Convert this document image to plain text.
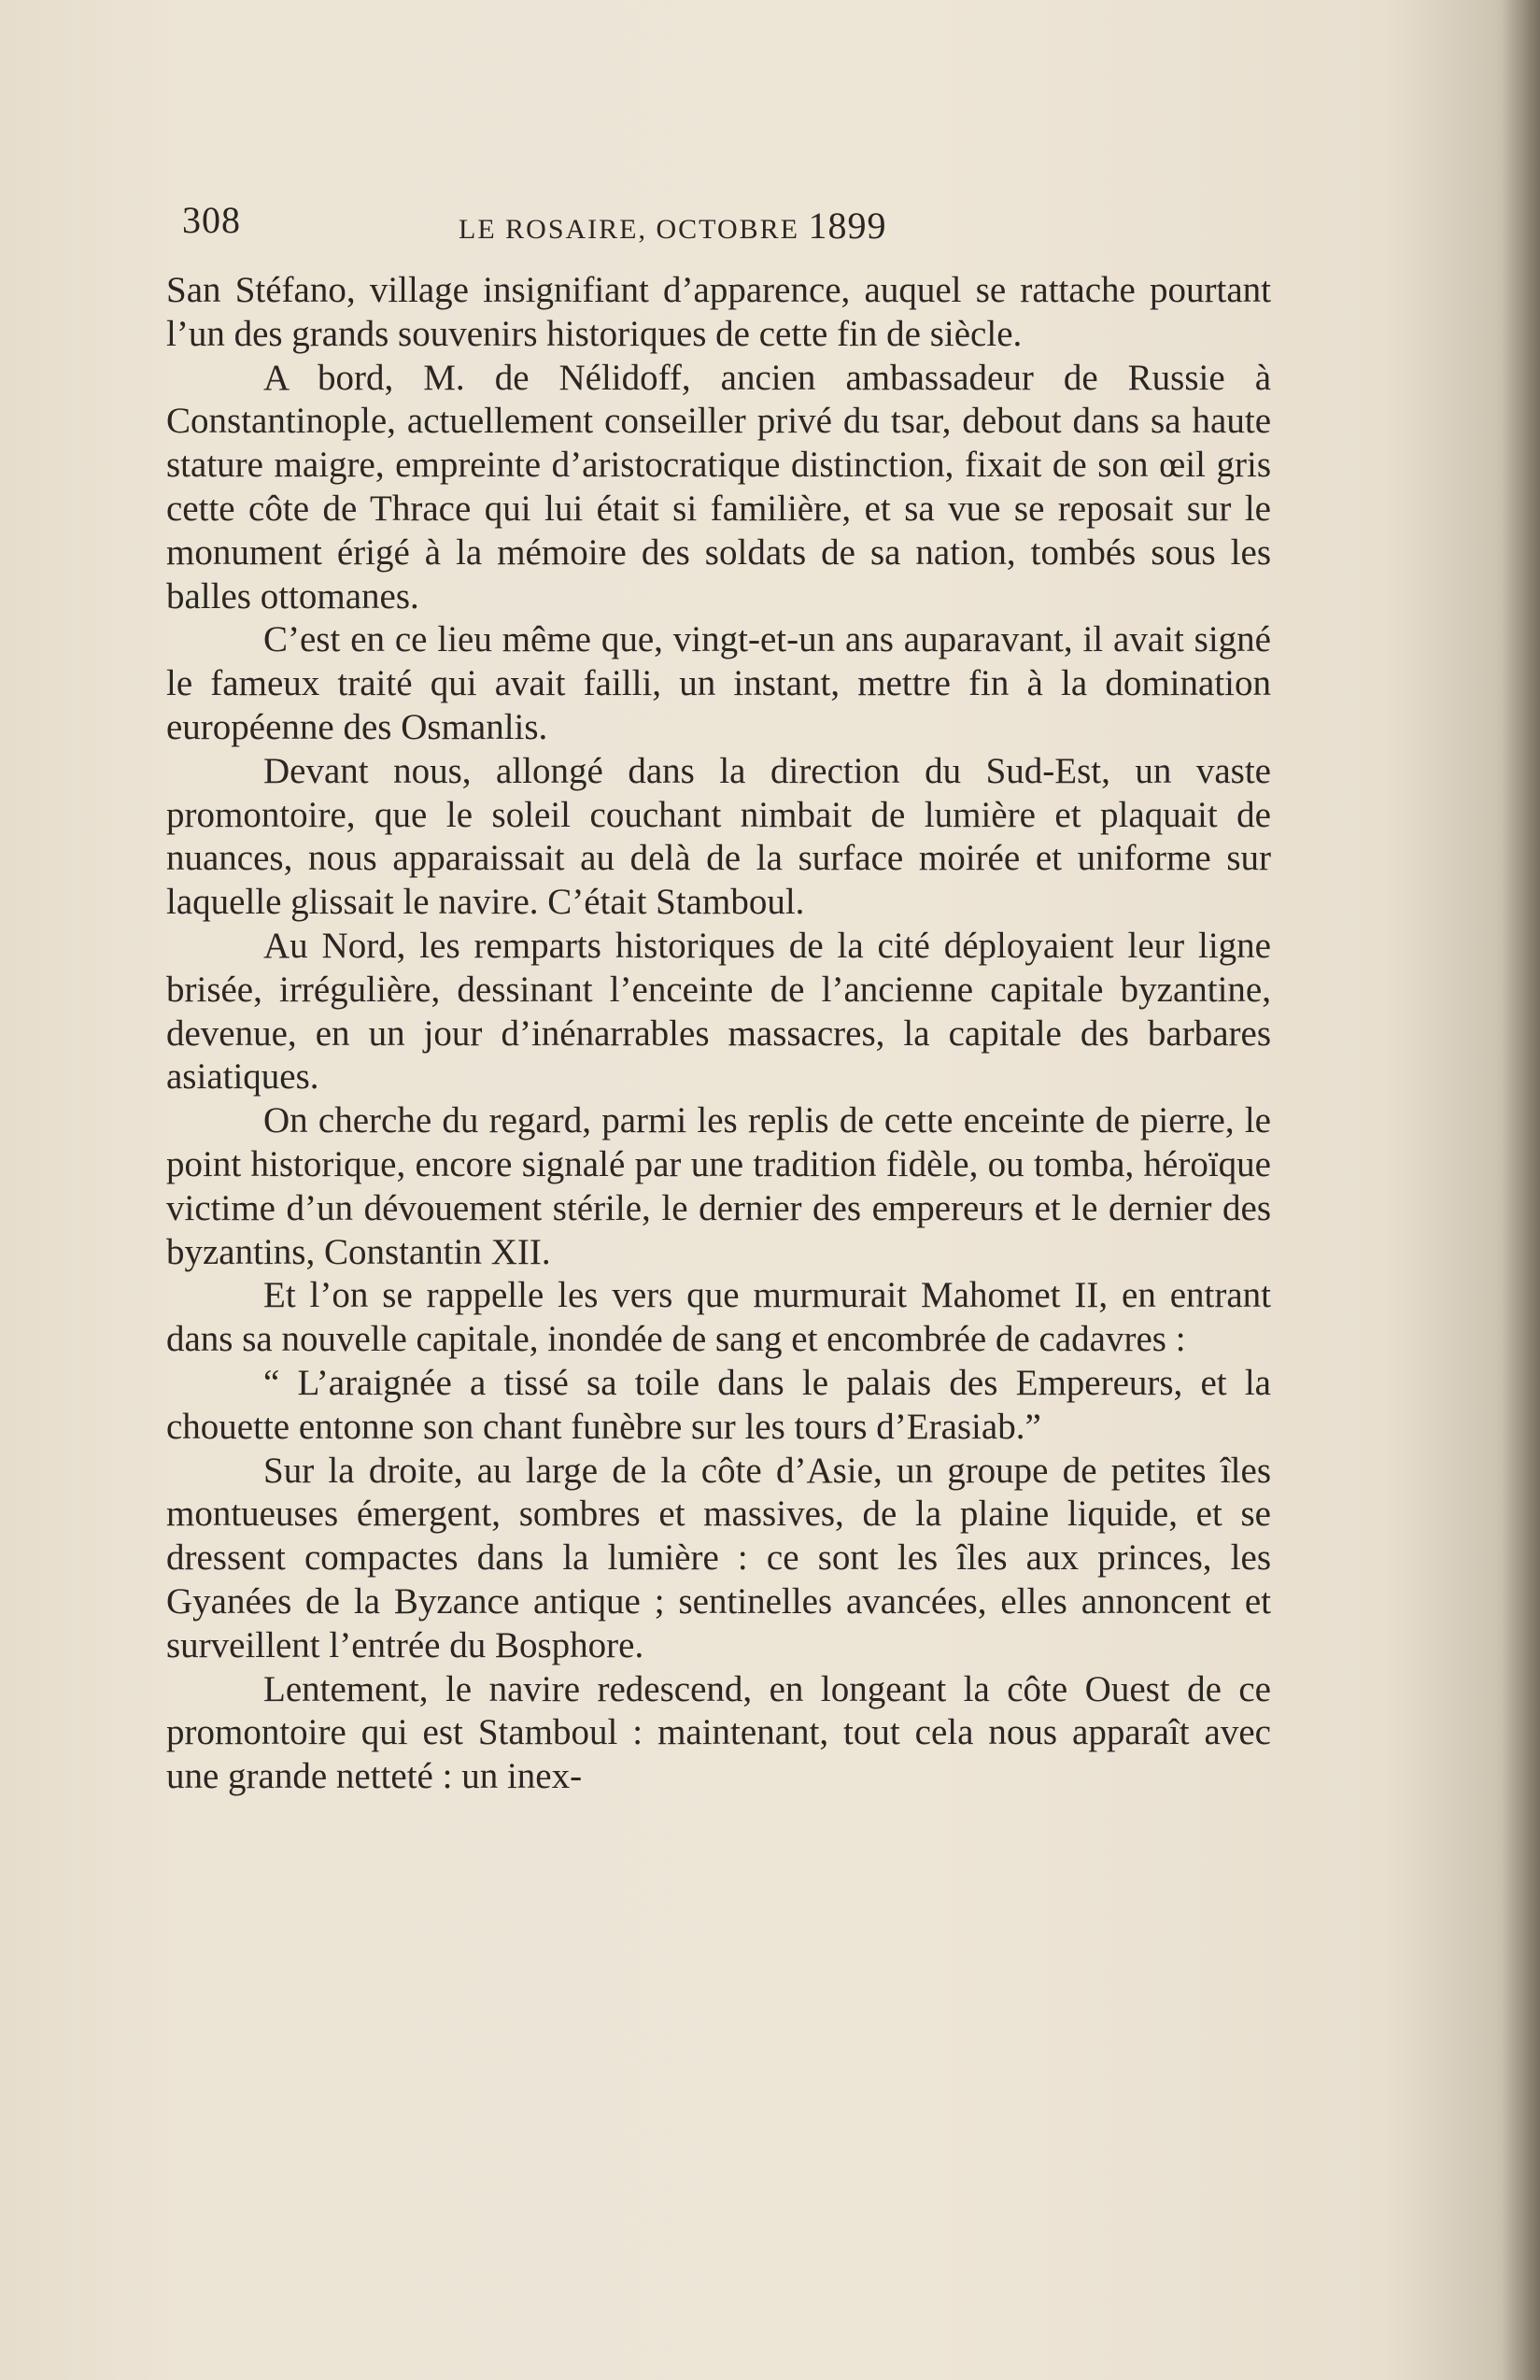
308	LE ROSAIRE, OCTOBRE 1899

San Stéfano, village insignifiant d’apparence, auquel se rattache pourtant l’un des grands souvenirs historiques de cette fin de siècle.

A bord, M. de Nélidoff, ancien ambassadeur de Russie à Constantinople, actuellement conseiller privé du tsar, debout dans sa haute stature maigre, empreinte d’aristocratique distinction, fixait de son œil gris cette côte de Thrace qui lui était si familière, et sa vue se reposait sur le monument érigé à la mémoire des soldats de sa nation, tombés sous les balles ottomanes.

C’est en ce lieu même que, vingt-et-un ans auparavant, il avait signé le fameux traité qui avait failli, un instant, mettre fin à la domination européenne des Osmanlis.

Devant nous, allongé dans la direction du Sud-Est, un vaste promontoire, que le soleil couchant nimbait de lumière et plaquait de nuances, nous apparaissait au delà de la surface moirée et uniforme sur laquelle glissait le navire. C’était Stamboul.

Au Nord, les remparts historiques de la cité déployaient leur ligne brisée, irrégulière, dessinant l’enceinte de l’ancienne capitale byzantine, devenue, en un jour d’inénarrables massacres, la capitale des barbares asiatiques.

On cherche du regard, parmi les replis de cette enceinte de pierre, le point historique, encore signalé par une tradition fidèle, ou tomba, héroïque victime d’un dévouement stérile, le dernier des empereurs et le dernier des byzantins, Constantin XII.

Et l’on se rappelle les vers que murmurait Mahomet II, en entrant dans sa nouvelle capitale, inondée de sang et encombrée de cadavres :

“ L’araignée a tissé sa toile dans le palais des Empereurs, et la chouette entonne son chant funèbre sur les tours d’Erasiab.”

Sur la droite, au large de la côte d’Asie, un groupe de petites îles montueuses émergent, sombres et massives, de la plaine liquide, et se dressent compactes dans la lumière : ce sont les îles aux princes, les Gyanées de la Byzance antique ; sentinelles avancées, elles annoncent et surveillent l’entrée du Bosphore.

Lentement, le navire redescend, en longeant la côte Ouest de ce promontoire qui est Stamboul : maintenant, tout cela nous apparaît avec une grande netteté : un inex-
